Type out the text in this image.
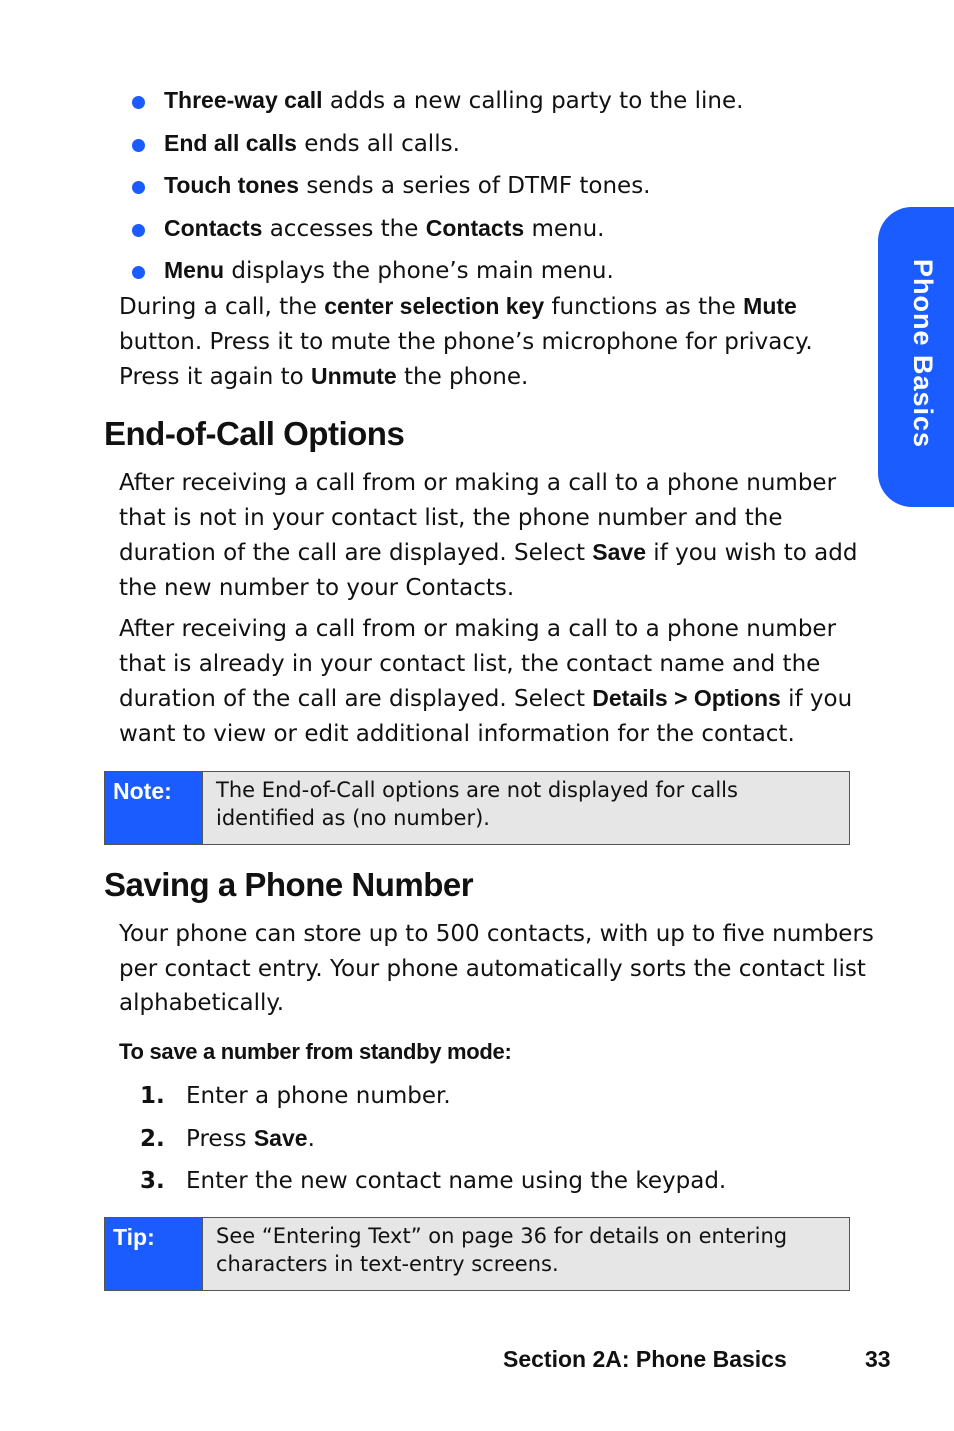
Three-way call adds a new calling party to the line.
End all calls ends all calls.
Touch tones sends a series of DTMF tones.
Contacts accesses the Contacts menu.
Menu displays the phone’s main menu.

During a call, the center selection key functions as the Mute button. Press it to mute the phone’s microphone for privacy. Press it again to Unmute the phone.

End-of-Call Options

After receiving a call from or making a call to a phone number that is not in your contact list, the phone number and the duration of the call are displayed. Select Save if you wish to add the new number to your Contacts.

After receiving a call from or making a call to a phone number that is already in your contact list, the contact name and the duration of the call are displayed. Select Details > Options if you want to view or edit additional information for the contact.

Note:	The End-of-Call options are not displayed for calls identified as (no number).
Saving a Phone Number

Your phone can store up to 500 contacts, with up to five numbers per contact entry. Your phone automatically sorts the contact list alphabetically.

To save a number from standby mode:

1. Enter a phone number.
2. Press Save.
3. Enter the new contact name using the keypad.
Tip:	See “Entering Text” on page 36 for details on entering characters in text-entry screens.
Phone Basics
Section 2A: Phone Basics	33
